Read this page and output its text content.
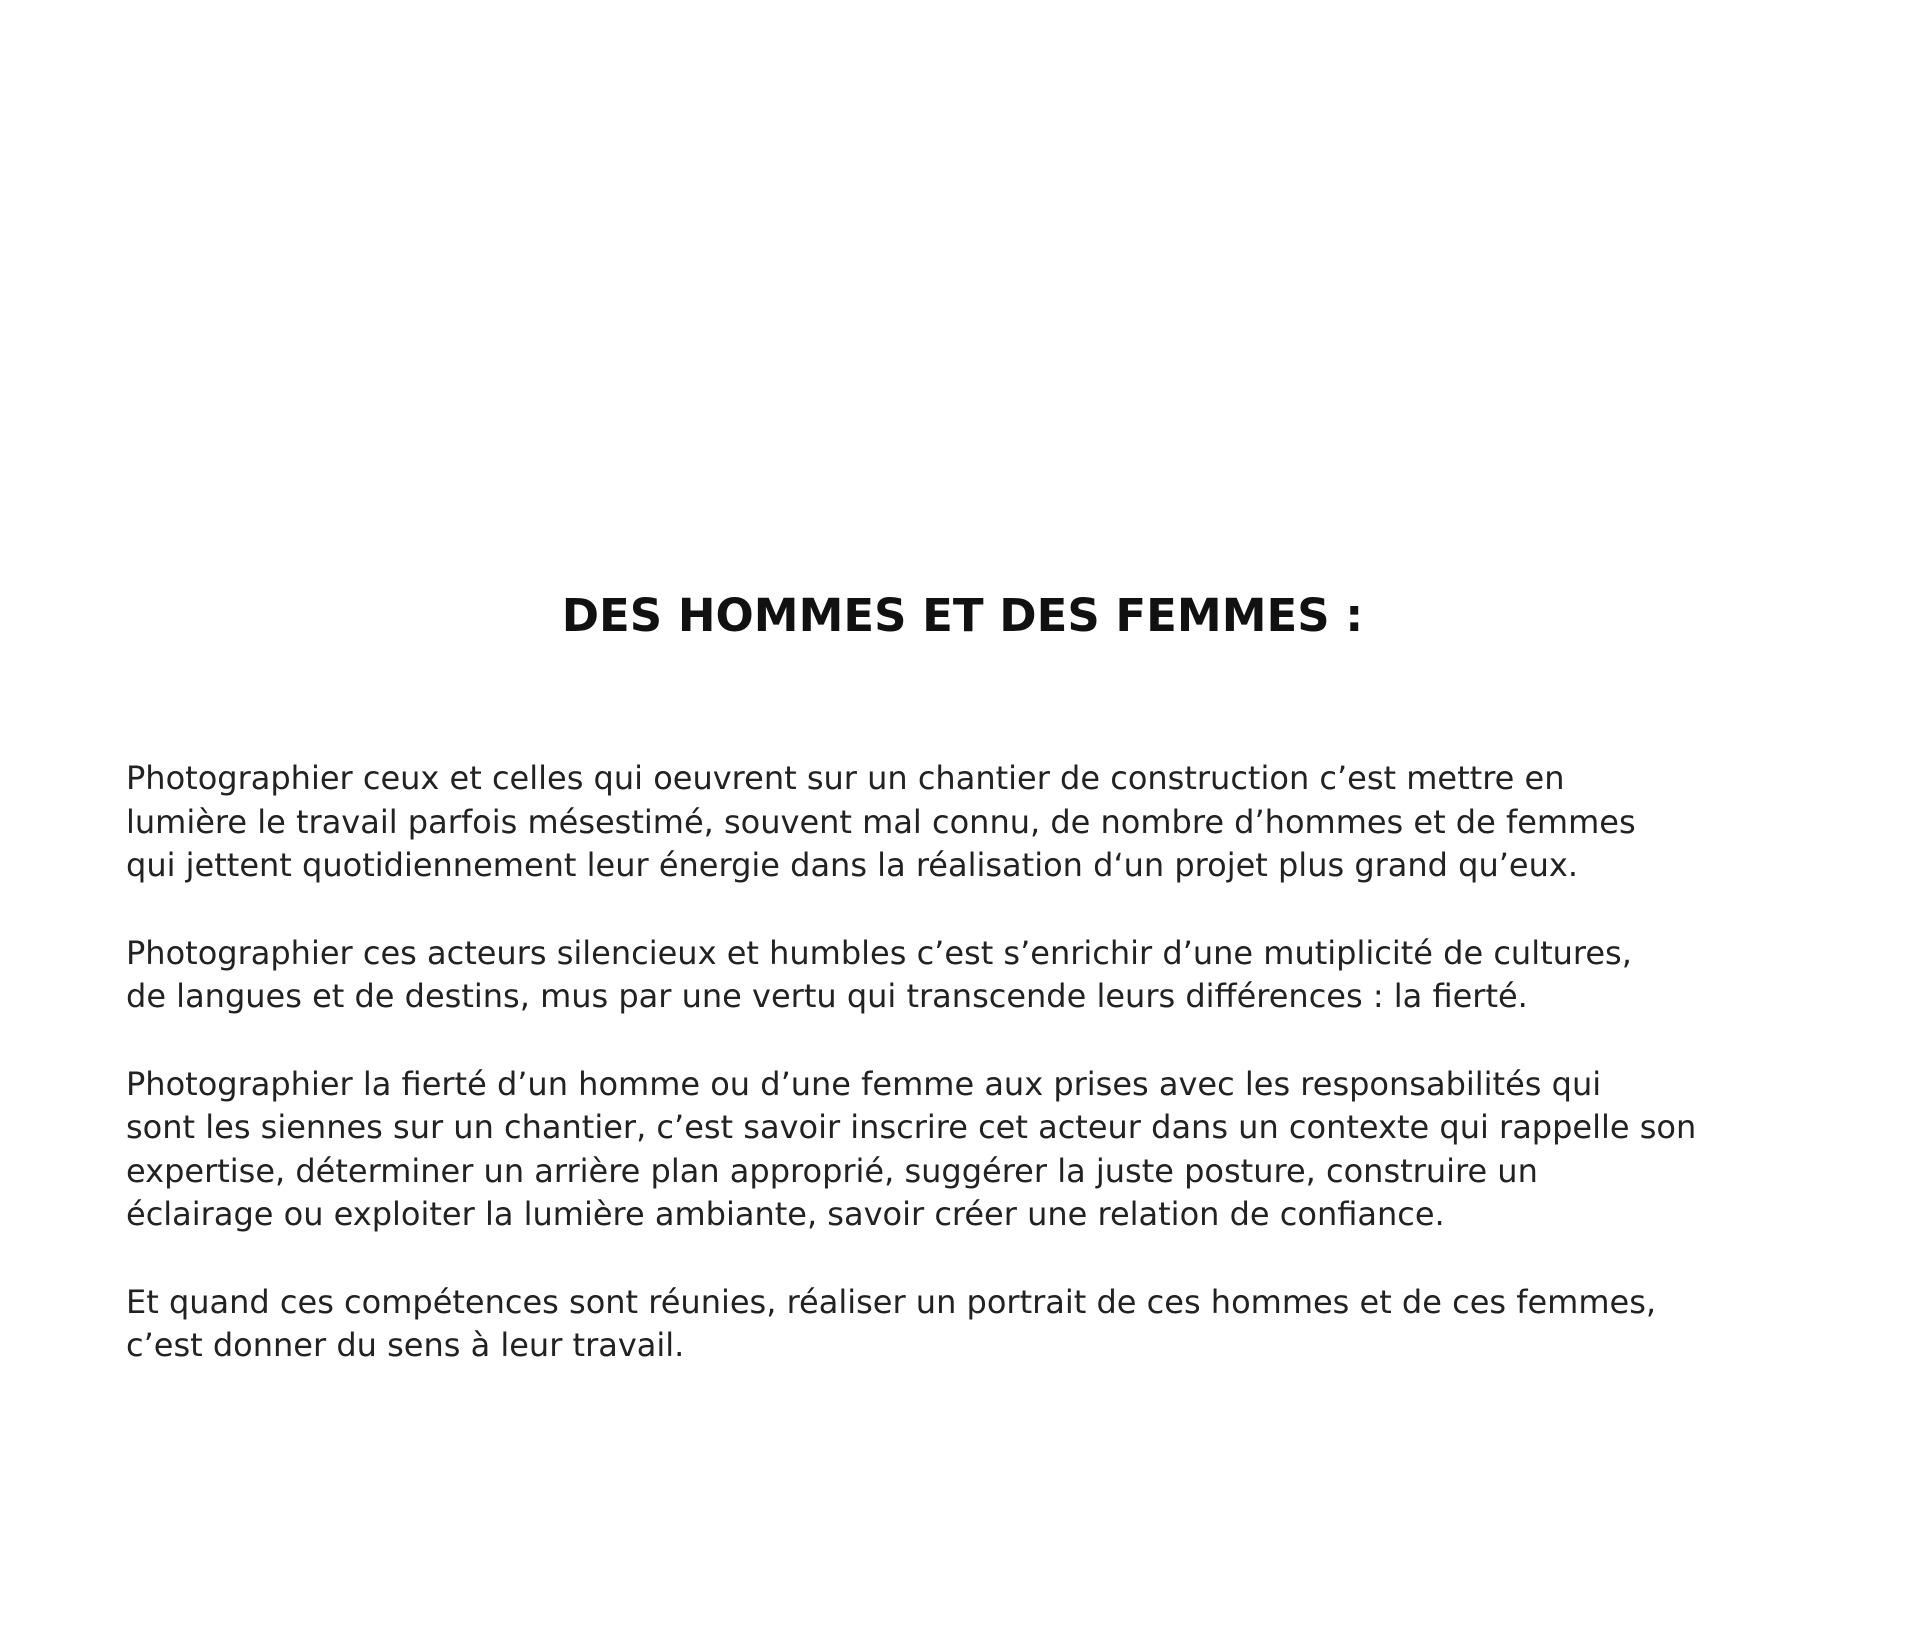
DES HOMMES ET DES FEMMES :

Photographier ceux et celles qui oeuvrent sur un chantier de construction c’est mettre en
lumière le travail parfois mésestimé, souvent mal connu, de nombre d’hommes et de femmes
qui jettent quotidiennement leur énergie dans la réalisation d‘un projet plus grand qu’eux.

Photographier ces acteurs silencieux et humbles c’est s’enrichir d’une mutiplicité de cultures,
de langues et de destins, mus par une vertu qui transcende leurs différences : la fierté.

Photographier la fierté d’un homme ou d’une femme aux prises avec les responsabilités qui
sont les siennes sur un chantier, c’est savoir inscrire cet acteur dans un contexte qui rappelle son
expertise, déterminer un arrière plan approprié, suggérer la juste posture, construire un
éclairage ou exploiter la lumière ambiante, savoir créer une relation de confiance.

Et quand ces compétences sont réunies, réaliser un portrait de ces hommes et de ces femmes,
c’est donner du sens à leur travail.
